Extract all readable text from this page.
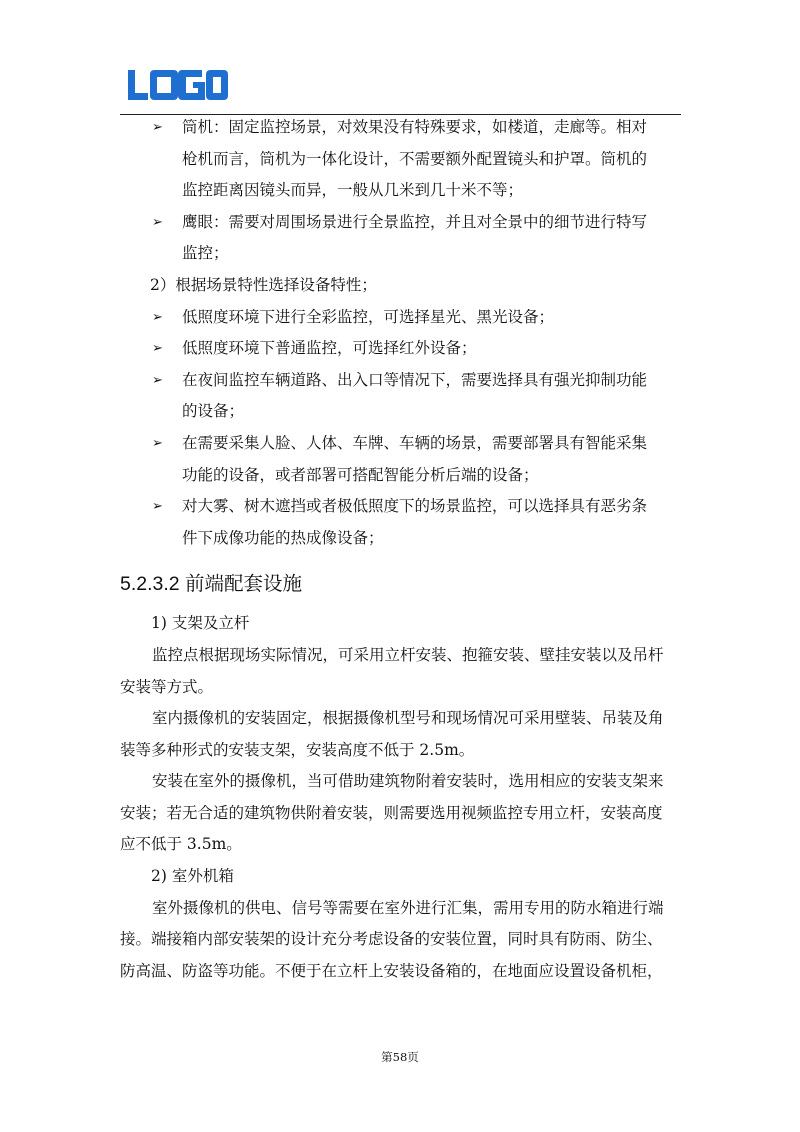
➢ 筒机：固定监控场景，对效果没有特殊要求，如楼道，走廊等。相对
枪机而言，筒机为一体化设计，不需要额外配置镜头和护罩。筒机的
监控距离因镜头而异，一般从几米到几十米不等；
➢ 鹰眼：需要对周围场景进行全景监控，并且对全景中的细节进行特写
监控；
2）根据场景特性选择设备特性；
➢ 低照度环境下进行全彩监控，可选择星光、黑光设备；
➢ 低照度环境下普通监控，可选择红外设备；
➢ 在夜间监控车辆道路、出入口等情况下，需要选择具有强光抑制功能
的设备；
➢ 在需要采集人脸、人体、车牌、车辆的场景，需要部署具有智能采集
功能的设备，或者部署可搭配智能分析后端的设备；
➢ 对大雾、树木遮挡或者极低照度下的场景监控，可以选择具有恶劣条
件下成像功能的热成像设备；
5.2.3.2 前端配套设施
1) 支架及立杆
监控点根据现场实际情况，可采用立杆安装、抱箍安装、壁挂安装以及吊杆
安装等方式。
室内摄像机的安装固定，根据摄像机型号和现场情况可采用壁装、吊装及角
装等多种形式的安装支架，安装高度不低于 2.5m。
安装在室外的摄像机，当可借助建筑物附着安装时，选用相应的安装支架来
安装；若无合适的建筑物供附着安装，则需要选用视频监控专用立杆，安装高度
应不低于 3.5m。
2) 室外机箱
室外摄像机的供电、信号等需要在室外进行汇集，需用专用的防水箱进行端
接。端接箱内部安装架的设计充分考虑设备的安装位置，同时具有防雨、防尘、
防高温、防盗等功能。不便于在立杆上安装设备箱的，在地面应设置设备机柜，
第58页
